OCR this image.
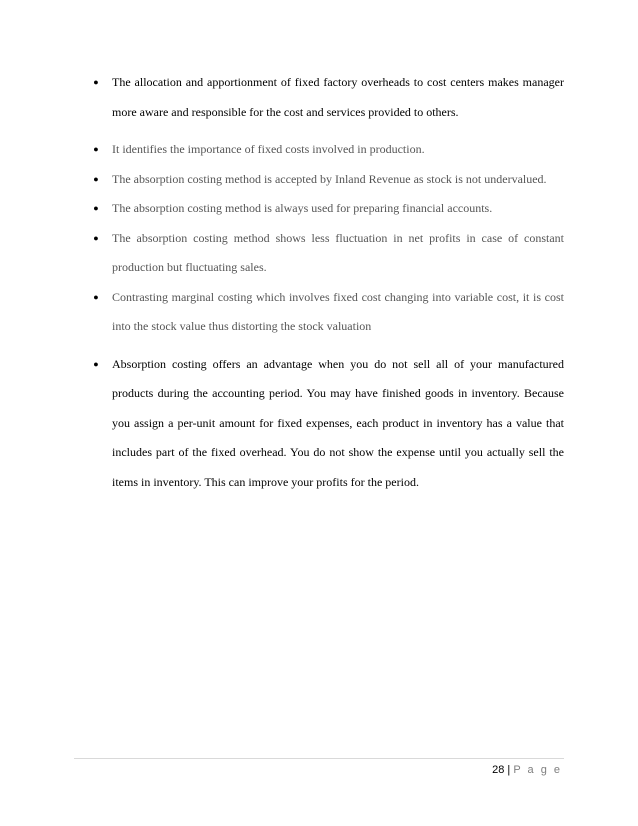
● The allocation and apportionment of fixed factory overheads to cost centers makes manager more aware and responsible for the cost and services provided to others.
● It identifies the importance of fixed costs involved in production.
● The absorption costing method is accepted by Inland Revenue as stock is not undervalued.
● The absorption costing method is always used for preparing financial accounts.
● The absorption costing method shows less fluctuation in net profits in case of constant production but fluctuating sales.
● Contrasting marginal costing which involves fixed cost changing into variable cost, it is cost into the stock value thus distorting the stock valuation
● Absorption costing offers an advantage when you do not sell all of your manufactured products during the accounting period. You may have finished goods in inventory. Because you assign a per-unit amount for fixed expenses, each product in inventory has a value that includes part of the fixed overhead. You do not show the expense until you actually sell the items in inventory. This can improve your profits for the period.
28 | P a g e
